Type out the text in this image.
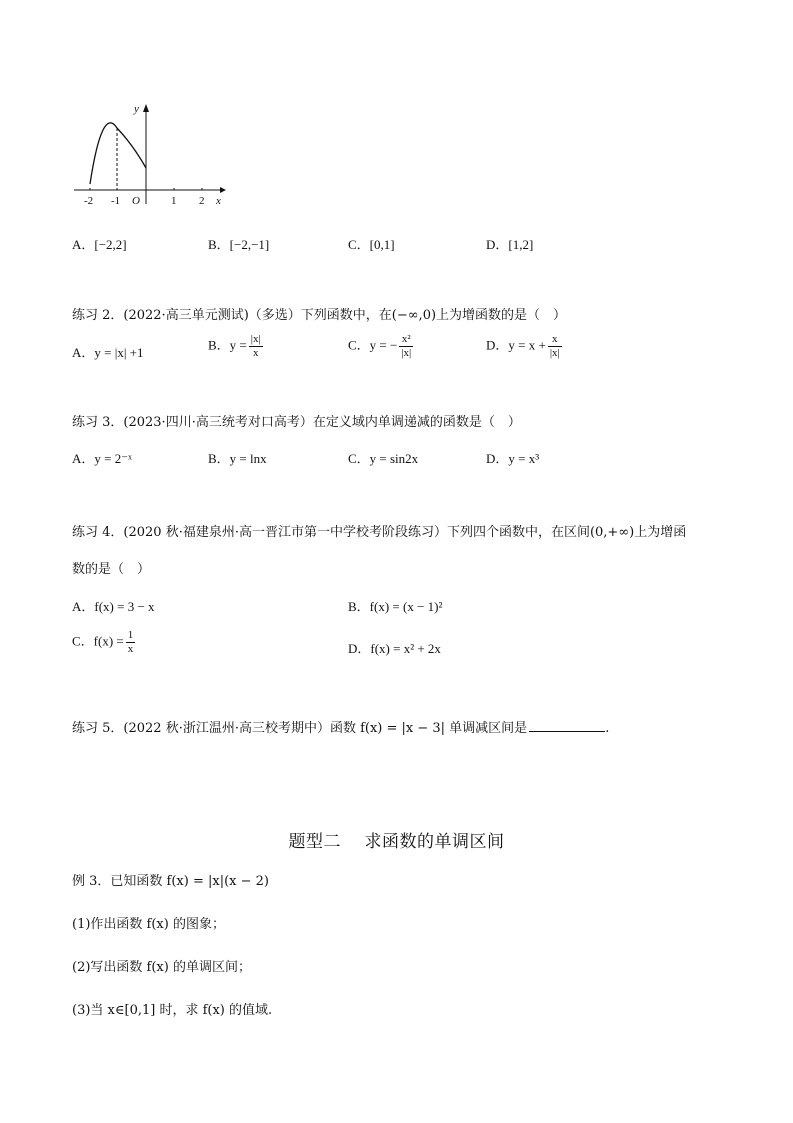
y
x
O
-2 -1	1 2
A．[−2,2]	B．[−2,−1]	C．[0,1]	D．[1,2]
练习 2．(2022·高三单元测试)（多选）下列函数中，在(−∞,0)上为增函数的是（　）
A．y = |x| +1
B．$y = \frac{|x|}{x}$	C．y = − $\frac{\text{x²}}{|x|}$	D．$y = x + \frac{x}{|x|}$
练习 3．(2023·四川·高三统考对口高考）在定义域内单调递减的函数是（　）
A．y = 2⁻ˣ	B．y = lnx	C．y = sin2x	D．y = x³
练习 4．(2020 秋·福建泉州·高一晋江市第一中学校考阶段练习）下列四个函数中，在区间(0,+∞)上为增函
数的是（　）
A．f(x) = 3 − x	B．f(x) = (x − 1)²
C．$f(x) = \frac{1}{x}$	D．f(x) = x² + 2x
练习 5．(2022 秋·浙江温州·高三校考期中）函数 f(x) = |x − 3| 单调减区间是	.
题型二　 求函数的单调区间
例 3．已知函数 f(x) = |x|(x − 2)
(1)作出函数 f(x) 的图象；
(2)写出函数 f(x) 的单调区间；
(3)当 x∈[0,1] 时，求 f(x) 的值域.
